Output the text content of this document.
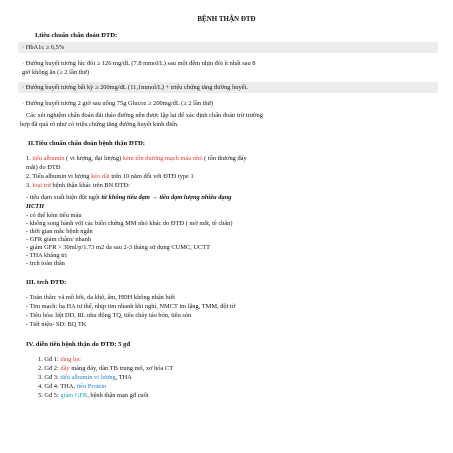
BỆNH THẬN ĐTĐ
I.tiêu chuẩn chẩn đoán ĐTĐ:
· HbA1c ≥ 6,5%
· Đường huyết tương lúc đói ≥ 126 mg/dL (7.8 mmol/L) sau một đêm nhịn đói ít nhất sau 8
giờ không ăn (≥ 2 lần thử)
· Đường huyết tương bất kỳ ≥ 200mg/dL (11,1mmol/L) + triệu chứng tăng đường huyết.
· Đường huyết tương 2 giờ sau uống 75g Glucoz ≥ 200mg/dL (≥ 2 lần thử)
Các xét nghiệm chẩn đoán đái tháo đường nên được lặp lại để xác định chẩn đoán trừ trường
hợp đã quá rõ như có triệu chứng tăng đường huyết kinh điển.
II.Tiêu chuẩn chẩn đoán bệnh thận ĐTĐ:
1. tiểu albumin ( vi lượng, đại lượng) kèm tổn thương mạch máu nhỏ ( tổn thương đáy
mắt) do ĐTĐ
2. Tiểu albumin vi lượng kéo dài trên 10 năm đối với ĐTĐ type 1
3. loại trừ bệnh thận khác trên BN ĐTĐ:
- tiểu đạm xuất hiện đột ngột từ không tiểu đạm → tiểu đạm lượng nhiều đạng
HCTH
- có thể kèm tiểu máu
- không song hành với các biến chứng MM nhỏ khác do ĐTĐ ( mờ mắt, tê chân)
- thời gian mắc bệnh ngắn
- GFR giảm chậm/ nhanh
- giảm GFR > 30ml/p/1.73 m2 da sau 2-3 tháng sử dụng CUMC, UCTT
- THA kháng trị
- trch toàn thân
III. trch ĐTĐ:
- Toàn thân: vã mồ hôi, da khô, ấm, HĐH không nhận biết
- Tim mạch: hạ HA tư thế, nhịp tim nhanh khi nghỉ, NMCT im lặng, TMM, đột tử
- Tiêu hóa: liệt DD, RL nhu động TQ, tiêu chảy táo bón, tiêu són
- Tiết niệu- SD: BQ TK
IV. diễn tiến bệnh thận do ĐTĐ: 5 gđ
1. Gđ 1: tăng lọc
2. Gđ 2: dầy màng đáy, dãn TB trung mô, xơ hóa CT
3. Gđ 3: tiểu albumin vi lượng, THA
4. Gđ 4: THA, tiểu Protein
5. Gđ 5: giảm GFR, bệnh thận mạn gđ cuối
